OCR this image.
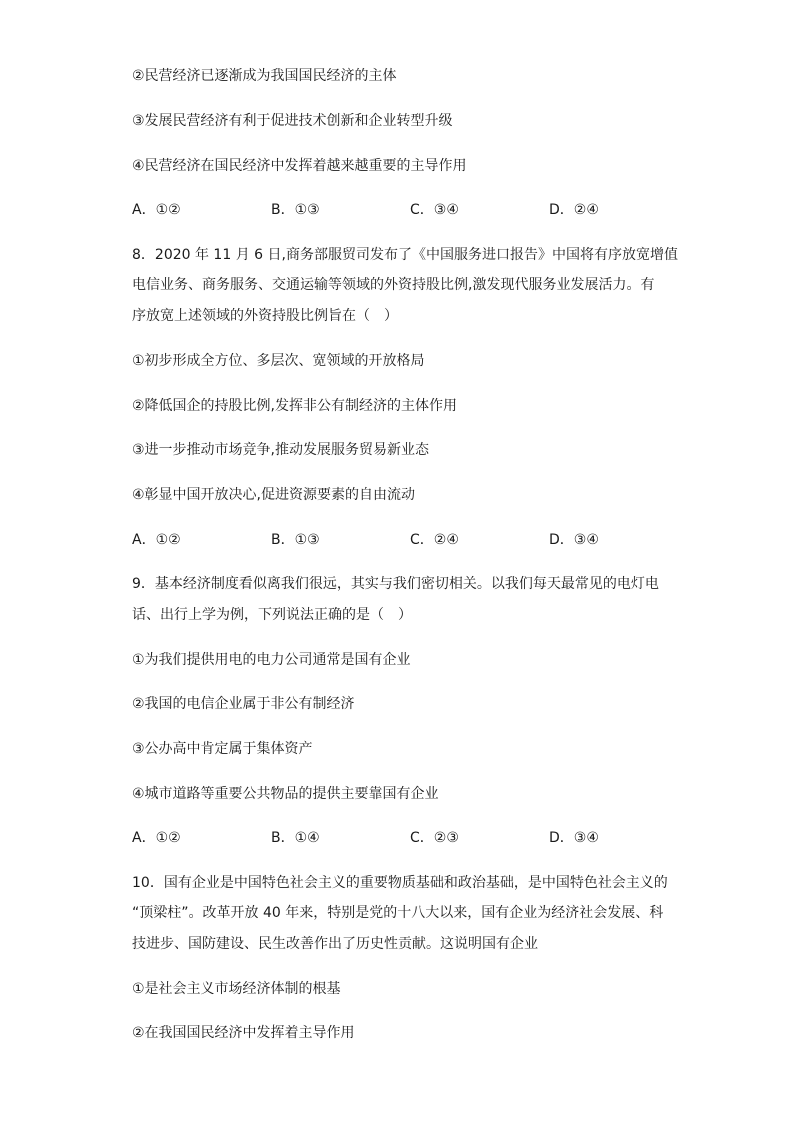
②民营经济已逐渐成为我国国民经济的主体
③发展民营经济有利于促进技术创新和企业转型升级
④民营经济在国民经济中发挥着越来越重要的主导作用
A．①②	B．①③	C．③④	D．②④
8．2020 年 11 月 6 日,商务部服贸司发布了《中国服务进口报告》中国将有序放宽增值
电信业务、商务服务、交通运输等领域的外资持股比例,激发现代服务业发展活力。有
序放宽上述领域的外资持股比例旨在（　）
①初步形成全方位、多层次、宽领域的开放格局
②降低国企的持股比例,发挥非公有制经济的主体作用
③进一步推动市场竞争,推动发展服务贸易新业态
④彰显中国开放决心,促进资源要素的自由流动
A．①②	B．①③	C．②④	D．③④
9．基本经济制度看似离我们很远，其实与我们密切相关。以我们每天最常见的电灯电
话、出行上学为例，下列说法正确的是（　）
①为我们提供用电的电力公司通常是国有企业
②我国的电信企业属于非公有制经济
③公办高中肯定属于集体资产
④城市道路等重要公共物品的提供主要靠国有企业
A．①②	B．①④	C．②③	D．③④
10．国有企业是中国特色社会主义的重要物质基础和政治基础，是中国特色社会主义的
“顶梁柱”。改革开放 40 年来，特别是党的十八大以来，国有企业为经济社会发展、科
技进步、国防建设、民生改善作出了历史性贡献。这说明国有企业
①是社会主义市场经济体制的根基
②在我国国民经济中发挥着主导作用
